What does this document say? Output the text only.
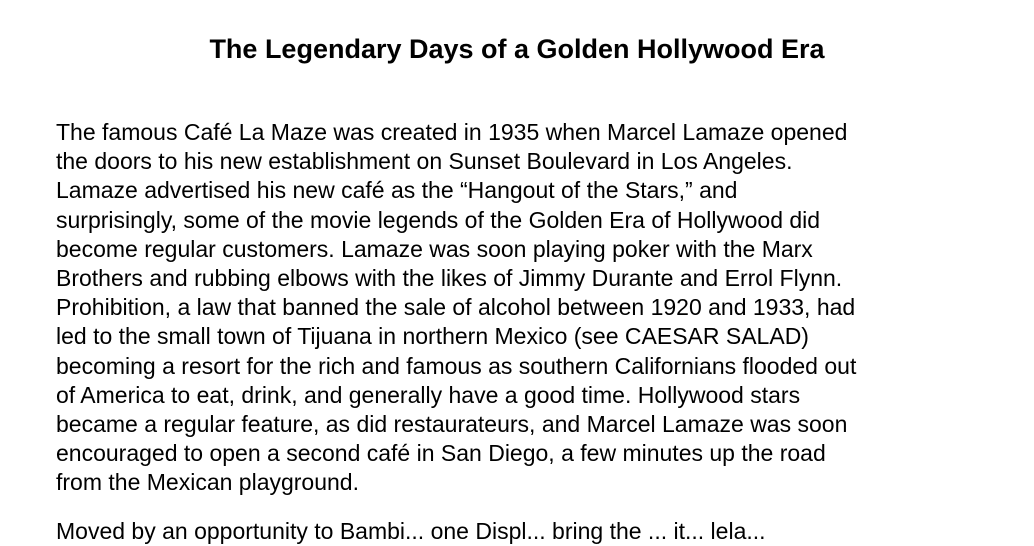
The Legendary Days of a Golden Hollywood Era
The famous Café La Maze was created in 1935 when Marcel Lamaze opened
the doors to his new establishment on Sunset Boulevard in Los Angeles.
Lamaze advertised his new café as the “Hangout of the Stars,” and
surprisingly, some of the movie legends of the Golden Era of Hollywood did
become regular customers. Lamaze was soon playing poker with the Marx
Brothers and rubbing elbows with the likes of Jimmy Durante and Errol Flynn.
Prohibition, a law that banned the sale of alcohol between 1920 and 1933, had
led to the small town of Tijuana in northern Mexico (see CAESAR SALAD)
becoming a resort for the rich and famous as southern Californians flooded out
of America to eat, drink, and generally have a good time. Hollywood stars
became a regular feature, as did restaurateurs, and Marcel Lamaze was soon
encouraged to open a second café in San Diego, a few minutes up the road
from the Mexican playground.
Moved by an opportunity to Bambi... one Displ... bring the ... it... lela...
